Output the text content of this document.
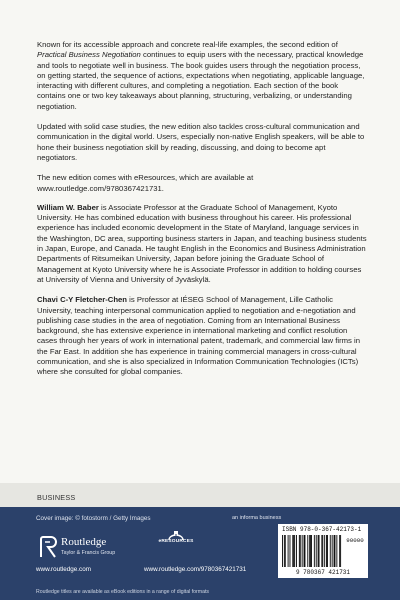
Known for its accessible approach and concrete real-life examples, the second edition of Practical Business Negotiation continues to equip users with the necessary, practical knowledge and tools to negotiate well in business. The book guides users through the negotiation process, on getting started, the sequence of actions, expectations when negotiating, applicable language, interacting with different cultures, and completing a negotiation. Each section of the book contains one or two key takeaways about planning, structuring, verbalizing, or understanding negotiation.

Updated with solid case studies, the new edition also tackles cross-cultural communication and communication in the digital world. Users, especially non-native English speakers, will be able to hone their business negotiation skill by reading, discussing, and doing to become apt negotiators.

The new edition comes with eResources, which are available at www.routledge.com/9780367421731.

William W. Baber is Associate Professor at the Graduate School of Management, Kyoto University. He has combined education with business throughout his career. His professional experience has included economic development in the State of Maryland, language services in the Washington, DC area, supporting business starters in Japan, and teaching business students in Japan, Europe, and Canada. He taught English in the Economics and Business Administration Departments of Ritsumeikan University, Japan before joining the Graduate School of Management at Kyoto University where he is Associate Professor in addition to holding courses at University of Vienna and University of Jyväskylä.

Chavi C-Y Fletcher-Chen is Professor at IÉSEG School of Management, Lille Catholic University, teaching interpersonal communication applied to negotiation and e-negotiation and publishing case studies in the area of negotiation. Coming from an International Business background, she has extensive experience in international marketing and conflict resolution cases through her years of work in international patent, trademark, and commercial law firms in the Far East. In addition she has experience in training commercial managers in cross-cultural communication, and she is also specialized in Information Communication Technologies (ICTs) where she consulted for global companies.

BUSINESS
Cover image: © fotostorm / Getty Images	an informa business
Routledge
Taylor & Francis Group
www.routledge.com
eRESOURCES
www.routledge.com/9780367421731
ISBN 978-0-367-42173-1
90000
9 780367 421731
Routledge titles are available as eBook editions in a range of digital formats
